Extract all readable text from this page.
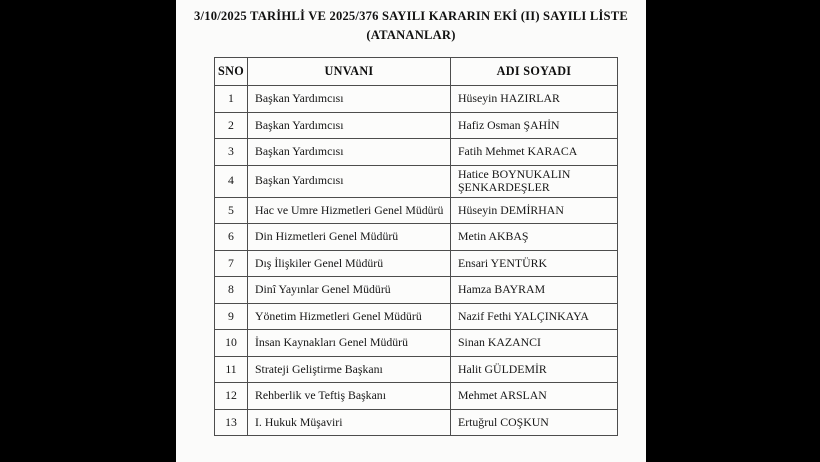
3/10/2025 TARİHLİ VE 2025/376 SAYILI KARARIN EKİ (II) SAYILI LİSTE
(ATANANLAR)
SNO	UNVANI	ADI SOYADI
1	Başkan Yardımcısı	Hüseyin HAZIRLAR
2	Başkan Yardımcısı	Hafiz Osman ŞAHİN
3	Başkan Yardımcısı	Fatih Mehmet KARACA
4	Başkan Yardımcısı	Hatice BOYNUKALIN ŞENKARDEŞLER
5	Hac ve Umre Hizmetleri Genel Müdürü	Hüseyin DEMİRHAN
6	Din Hizmetleri Genel Müdürü	Metin AKBAŞ
7	Dış İlişkiler Genel Müdürü	Ensari YENTÜRK
8	Dinî Yayınlar Genel Müdürü	Hamza BAYRAM
9	Yönetim Hizmetleri Genel Müdürü	Nazif Fethi YALÇINKAYA
10	İnsan Kaynakları Genel Müdürü	Sinan KAZANCI
11	Strateji Geliştirme Başkanı	Halit GÜLDEMİR
12	Rehberlik ve Teftiş Başkanı	Mehmet ARSLAN
13	I. Hukuk Müşaviri	Ertuğrul COŞKUN
